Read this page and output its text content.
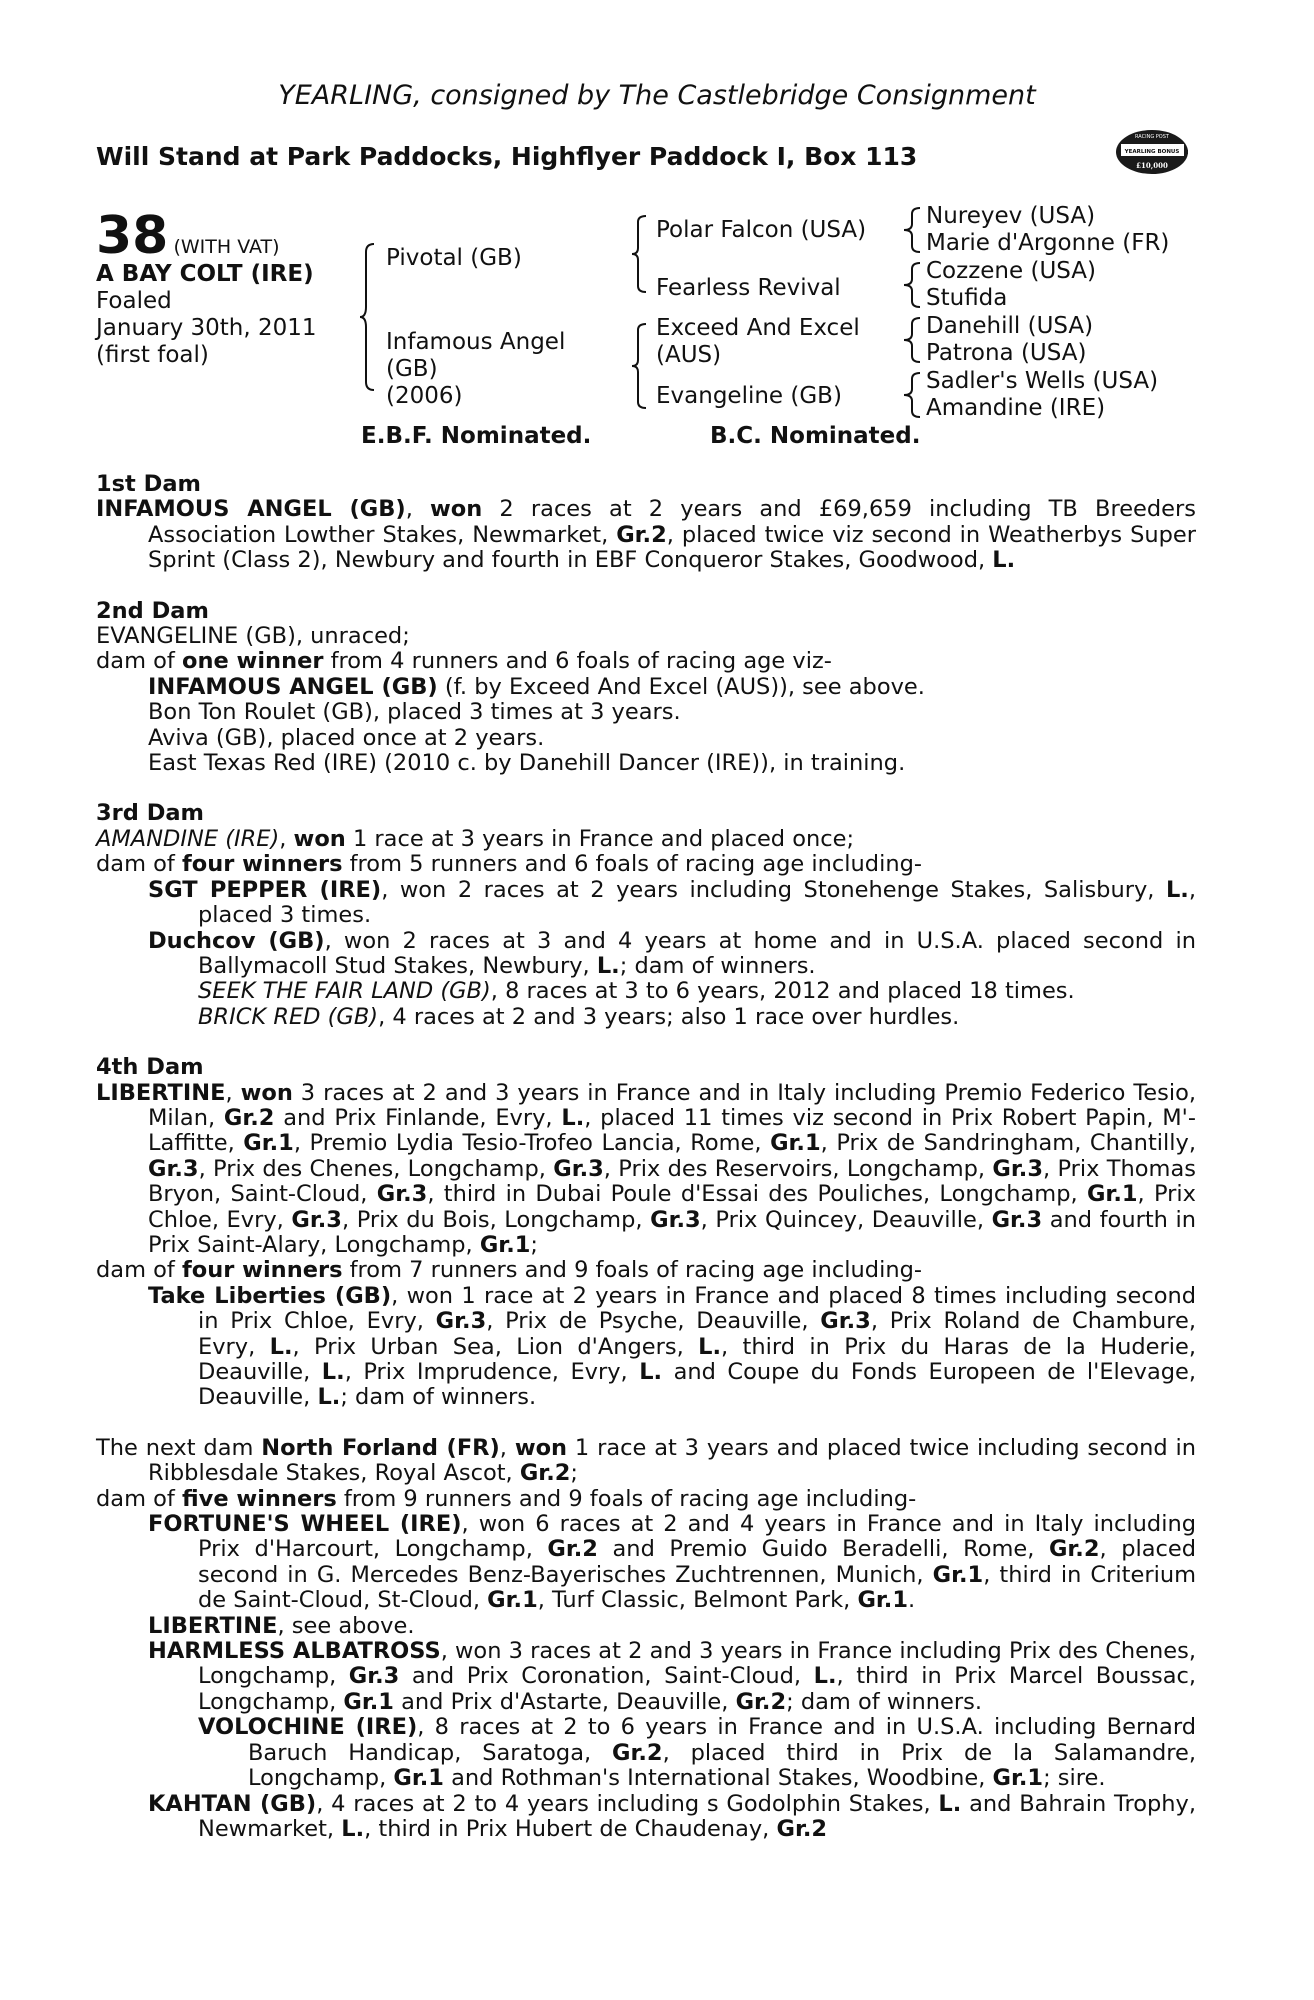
YEARLING, consigned by The Castlebridge Consignment
Will Stand at Park Paddocks, Highflyer Paddock I, Box 113
RACING POST
YEARLING BONUS
£10,000
38 (WITH VAT)
A BAY COLT (IRE)
Foaled
January 30th, 2011
(first foal)
Pivotal (GB)
Infamous Angel
(GB)
(2006)
Polar Falcon (USA)
Fearless Revival
Exceed And Excel
(AUS)
Evangeline (GB)
Nureyev (USA)
Marie d'Argonne (FR)
Cozzene (USA)
Stufida
Danehill (USA)
Patrona (USA)
Sadler's Wells (USA)
Amandine (IRE)
E.B.F. Nominated.	B.C. Nominated.
1st Dam
INFAMOUS ANGEL (GB), won 2 races at 2 years and £69,659 including TB Breeders Association Lowther Stakes, Newmarket, Gr.2, placed twice viz second in Weatherbys Super Sprint (Class 2), Newbury and fourth in EBF Conqueror Stakes, Goodwood, L.
2nd Dam
EVANGELINE (GB), unraced;
dam of one winner from 4 runners and 6 foals of racing age viz-
INFAMOUS ANGEL (GB) (f. by Exceed And Excel (AUS)), see above.
Bon Ton Roulet (GB), placed 3 times at 3 years.
Aviva (GB), placed once at 2 years.
East Texas Red (IRE) (2010 c. by Danehill Dancer (IRE)), in training.
3rd Dam
AMANDINE (IRE), won 1 race at 3 years in France and placed once;
dam of four winners from 5 runners and 6 foals of racing age including-
SGT PEPPER (IRE), won 2 races at 2 years including Stonehenge Stakes, Salisbury, L., placed 3 times.
Duchcov (GB), won 2 races at 3 and 4 years at home and in U.S.A. placed second in Ballymacoll Stud Stakes, Newbury, L.; dam of winners.
SEEK THE FAIR LAND (GB), 8 races at 3 to 6 years, 2012 and placed 18 times.
BRICK RED (GB), 4 races at 2 and 3 years; also 1 race over hurdles.
4th Dam
LIBERTINE, won 3 races at 2 and 3 years in France and in Italy including Premio Federico Tesio, Milan, Gr.2 and Prix Finlande, Evry, L., placed 11 times viz second in Prix Robert Papin, M'-Laffitte, Gr.1, Premio Lydia Tesio-Trofeo Lancia, Rome, Gr.1, Prix de Sandringham, Chantilly, Gr.3, Prix des Chenes, Longchamp, Gr.3, Prix des Reservoirs, Longchamp, Gr.3, Prix Thomas Bryon, Saint-Cloud, Gr.3, third in Dubai Poule d'Essai des Pouliches, Longchamp, Gr.1, Prix Chloe, Evry, Gr.3, Prix du Bois, Longchamp, Gr.3, Prix Quincey, Deauville, Gr.3 and fourth in Prix Saint-Alary, Longchamp, Gr.1;
dam of four winners from 7 runners and 9 foals of racing age including-
Take Liberties (GB), won 1 race at 2 years in France and placed 8 times including second in Prix Chloe, Evry, Gr.3, Prix de Psyche, Deauville, Gr.3, Prix Roland de Chambure, Evry, L., Prix Urban Sea, Lion d'Angers, L., third in Prix du Haras de la Huderie, Deauville, L., Prix Imprudence, Evry, L. and Coupe du Fonds Europeen de l'Elevage, Deauville, L.; dam of winners.
The next dam North Forland (FR), won 1 race at 3 years and placed twice including second in Ribblesdale Stakes, Royal Ascot, Gr.2;
dam of five winners from 9 runners and 9 foals of racing age including-
FORTUNE'S WHEEL (IRE), won 6 races at 2 and 4 years in France and in Italy including Prix d'Harcourt, Longchamp, Gr.2 and Premio Guido Beradelli, Rome, Gr.2, placed second in G. Mercedes Benz-Bayerisches Zuchtrennen, Munich, Gr.1, third in Criterium de Saint-Cloud, St-Cloud, Gr.1, Turf Classic, Belmont Park, Gr.1.
LIBERTINE, see above.
HARMLESS ALBATROSS, won 3 races at 2 and 3 years in France including Prix des Chenes, Longchamp, Gr.3 and Prix Coronation, Saint-Cloud, L., third in Prix Marcel Boussac, Longchamp, Gr.1 and Prix d'Astarte, Deauville, Gr.2; dam of winners.
VOLOCHINE (IRE), 8 races at 2 to 6 years in France and in U.S.A. including Bernard Baruch Handicap, Saratoga, Gr.2, placed third in Prix de la Salamandre, Longchamp, Gr.1 and Rothman's International Stakes, Woodbine, Gr.1; sire.
KAHTAN (GB), 4 races at 2 to 4 years including s Godolphin Stakes, L. and Bahrain Trophy, Newmarket, L., third in Prix Hubert de Chaudenay, Gr.2
